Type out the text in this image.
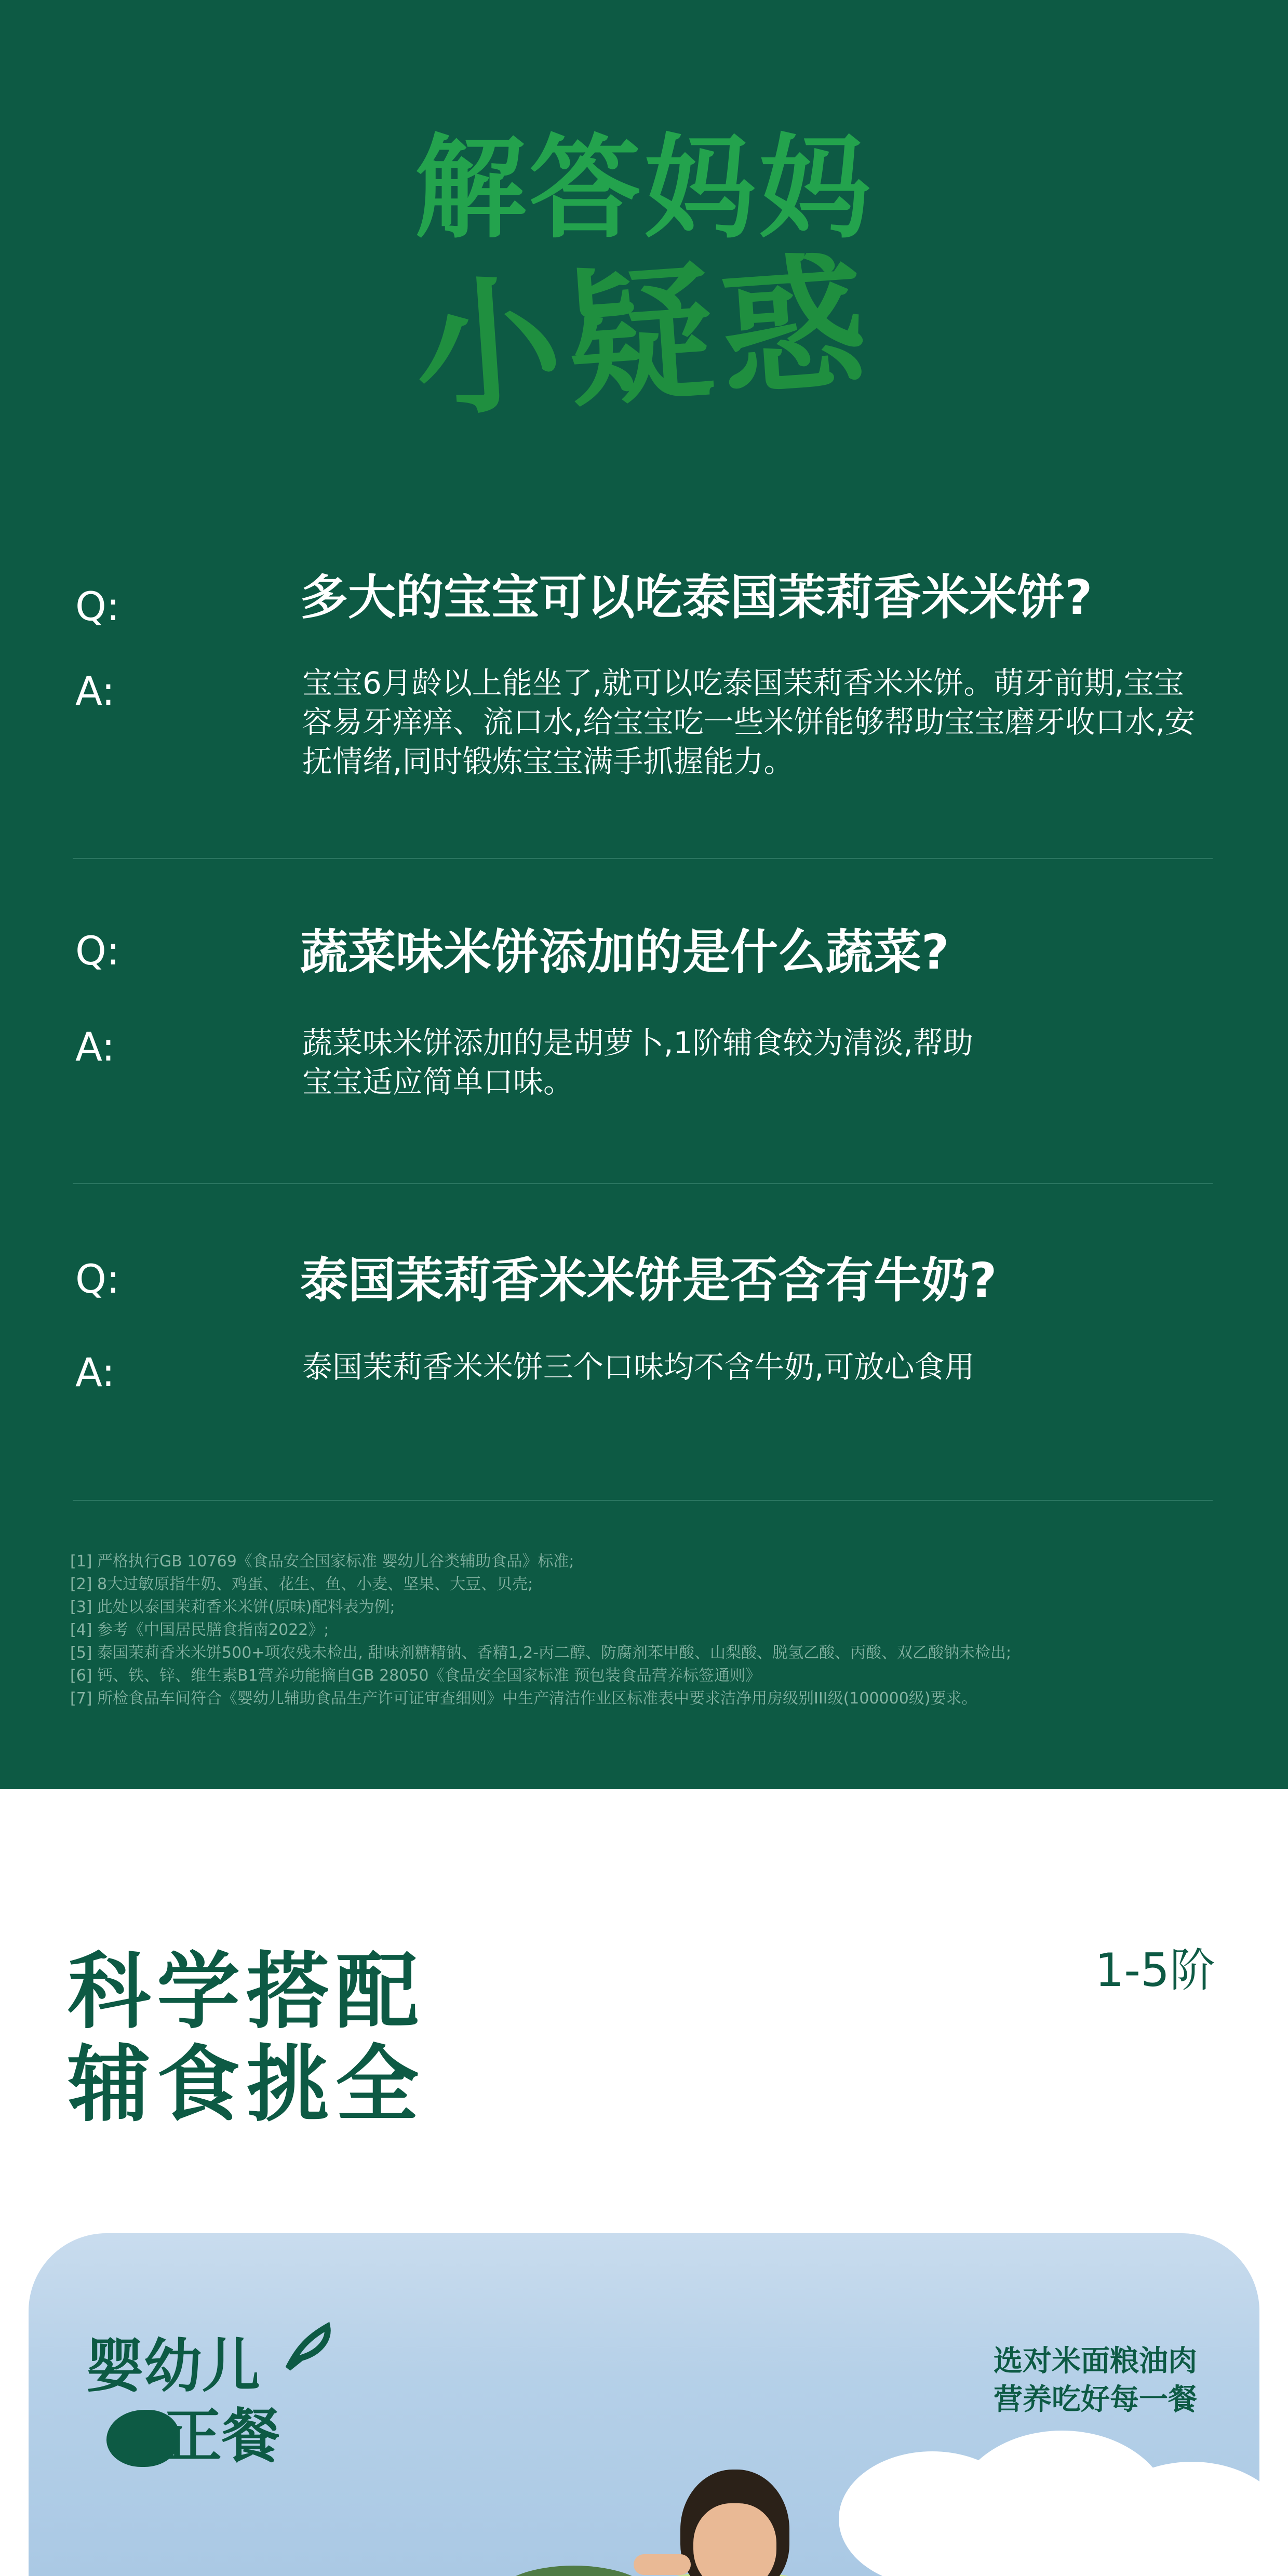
解答妈妈
小疑惑
Q:	多大的宝宝可以吃泰国茉莉香米米饼?
A:	宝宝6月龄以上能坐了,就可以吃泰国茉莉香米米饼。萌牙前期,宝宝容易牙痒痒、流口水,给宝宝吃一些米饼能够帮助宝宝磨牙收口水,安抚情绪,同时锻炼宝宝满手抓握能力。
Q:	蔬菜味米饼添加的是什么蔬菜?
A:	蔬菜味米饼添加的是胡萝卜,1阶辅食较为清淡,帮助宝宝适应简单口味。
Q:	泰国茉莉香米米饼是否含有牛奶?
A:	泰国茉莉香米米饼三个口味均不含牛奶,可放心食用
[1] 严格执行GB 10769《食品安全国家标准 婴幼儿谷类辅助食品》标准;
[2] 8大过敏原指牛奶、鸡蛋、花生、鱼、小麦、坚果、大豆、贝壳;
[3] 此处以泰国茉莉香米米饼(原味)配料表为例;
[4] 参考《中国居民膳食指南2022》;
[5] 泰国茉莉香米米饼500+项农残未检出, 甜味剂糖精钠、香精1,2-丙二醇、防腐剂苯甲酸、山梨酸、脱氢乙酸、丙酸、双乙酸钠未检出;
[6] 钙、铁、锌、维生素B1营养功能摘自GB 28050《食品安全国家标准 预包装食品营养标签通则》
[7] 所检食品车间符合《婴幼儿辅助食品生产许可证审查细则》中生产清洁作业区标准表中要求洁净用房级别III级(100000级)要求。
科学搭配
辅食挑全
1-5阶
婴幼儿
正餐
选对米面粮油肉
营养吃好每一餐
